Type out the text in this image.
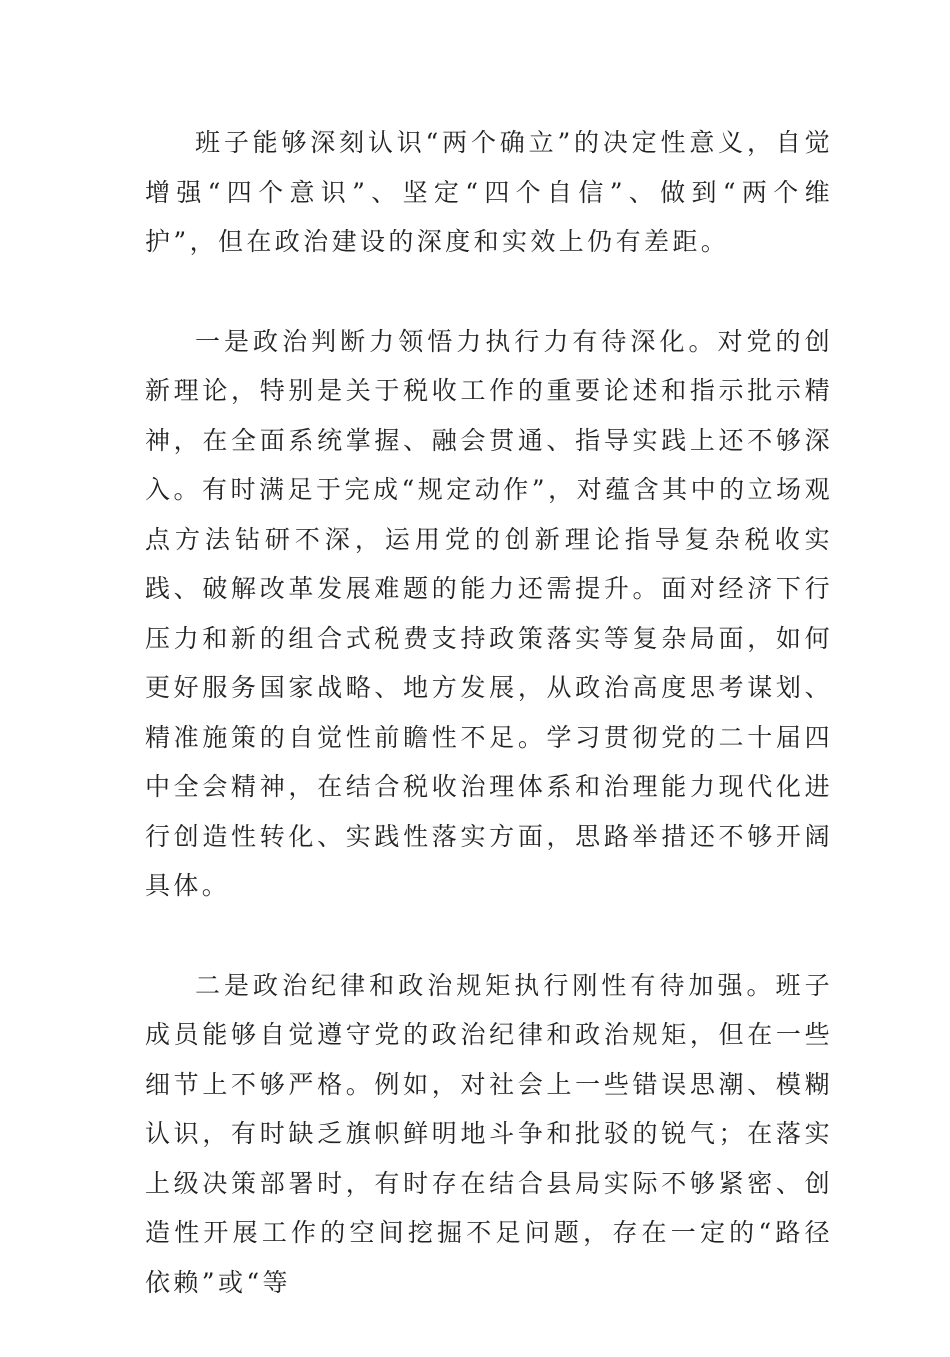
班子能够深刻认识“两个确立”的决定性意义，自觉增强“四个意识”、坚定“四个自信”、做到“两个维护”，但在政治建设的深度和实效上仍有差距。

一是政治判断力领悟力执行力有待深化。对党的创新理论，特别是关于税收工作的重要论述和指示批示精神，在全面系统掌握、融会贯通、指导实践上还不够深入。有时满足于完成“规定动作”，对蕴含其中的立场观点方法钻研不深，运用党的创新理论指导复杂税收实践、破解改革发展难题的能力还需提升。面对经济下行压力和新的组合式税费支持政策落实等复杂局面，如何更好服务国家战略、地方发展，从政治高度思考谋划、精准施策的自觉性前瞻性不足。学习贯彻党的二十届四中全会精神，在结合税收治理体系和治理能力现代化进行创造性转化、实践性落实方面，思路举措还不够开阔具体。

二是政治纪律和政治规矩执行刚性有待加强。班子成员能够自觉遵守党的政治纪律和政治规矩，但在一些细节上不够严格。例如，对社会上一些错误思潮、模糊认识，有时缺乏旗帜鲜明地斗争和批驳的锐气；在落实上级决策部署时，有时存在结合县局实际不够紧密、创造性开展工作的空间挖掘不足问题，存在一定的“路径依赖”或“等
